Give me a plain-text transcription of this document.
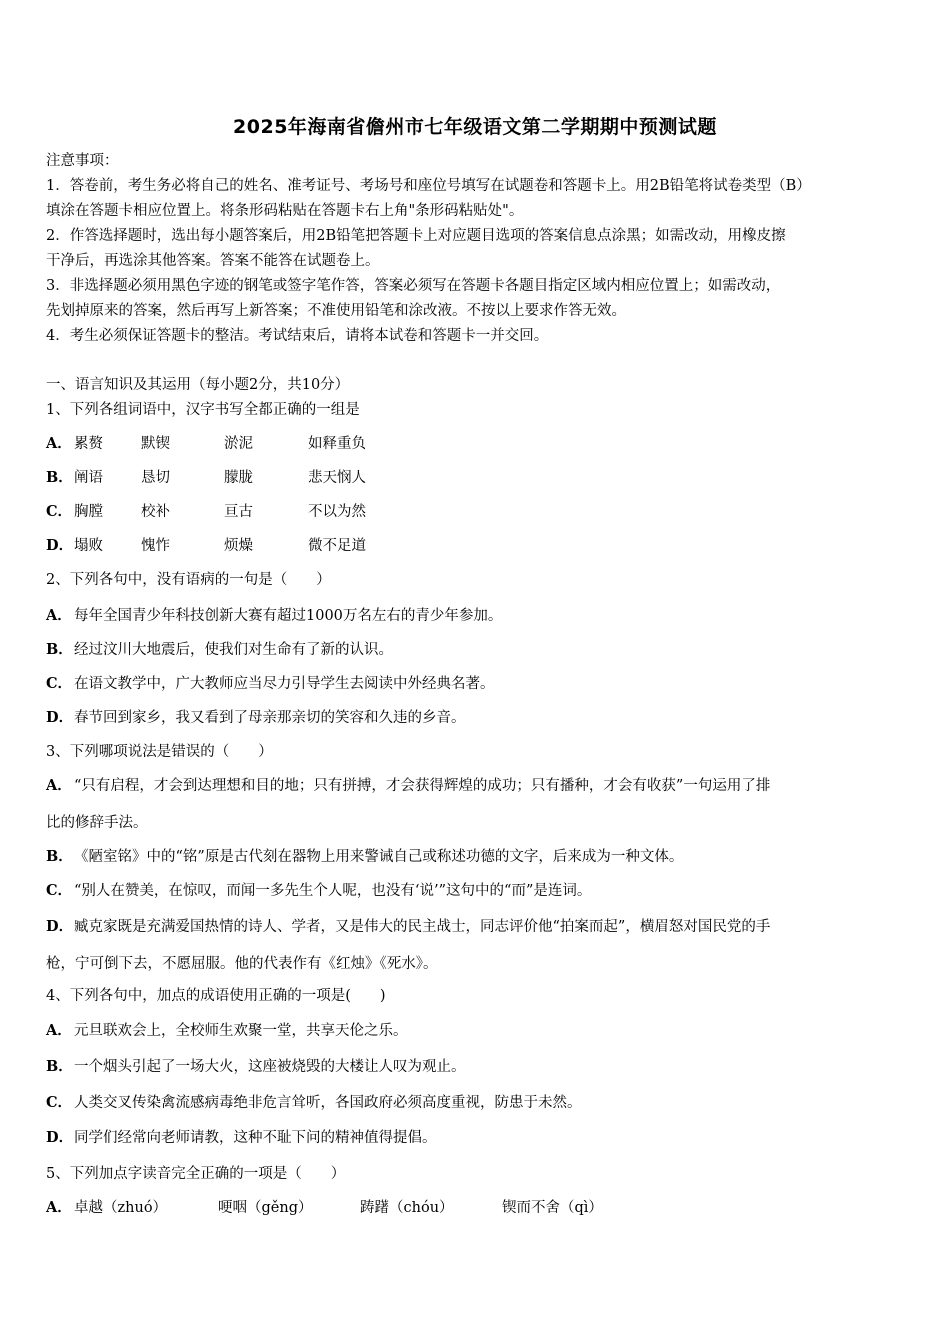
2025年海南省儋州市七年级语文第二学期期中预测试题
注意事项：
1．答卷前，考生务必将自己的姓名、准考证号、考场号和座位号填写在试题卷和答题卡上。用2B铅笔将试卷类型（B）
填涂在答题卡相应位置上。将条形码粘贴在答题卡右上角"条形码粘贴处"。
2．作答选择题时，选出每小题答案后，用2B铅笔把答题卡上对应题目选项的答案信息点涂黑；如需改动，用橡皮擦
干净后，再选涂其他答案。答案不能答在试题卷上。
3．非选择题必须用黑色字迹的钢笔或签字笔作答，答案必须写在答题卡各题目指定区域内相应位置上；如需改动，
先划掉原来的答案，然后再写上新答案；不准使用铅笔和涂改液。不按以上要求作答无效。
4．考生必须保证答题卡的整洁。考试结束后，请将本试卷和答题卡一并交回。
一、语言知识及其运用（每小题2分，共10分）
1、下列各组词语中，汉字书写全都正确的一组是
A． 累赘	默锲	淤泥	如释重负
B． 阐语	恳切	朦胧	悲天悯人
C． 胸膛	校补	亘古	不以为然
D． 塌败	愧怍	烦燥	微不足道
2、下列各句中，没有语病的一句是（　　）
A． 每年全国青少年科技创新大赛有超过1000万名左右的青少年参加。
B．经过汶川大地震后，使我们对生命有了新的认识。
C． 在语文教学中，广大教师应当尽力引导学生去阅读中外经典名著。
D．春节回到家乡，我又看到了母亲那亲切的笑容和久违的乡音。
3、下列哪项说法是错误的（　　）
A． “只有启程，才会到达理想和目的地；只有拼搏，才会获得辉煌的成功；只有播种，才会有收获”一句运用了排
比的修辞手法。
B．《陋室铭》中的“铭”原是古代刻在器物上用来警诫自己或称述功德的文字，后来成为一种文体。
C． “别人在赞美，在惊叹，而闻一多先生个人呢，也没有‘说’”这句中的“而”是连词。
D．臧克家既是充满爱国热情的诗人、学者，又是伟大的民主战士，同志评价他“拍案而起”，横眉怒对国民党的手
枪，宁可倒下去，不愿屈服。他的代表作有《红烛》《死水》。
4、下列各句中，加点的成语使用正确的一项是(　　)
A． 元旦联欢会上，全校师生欢聚一堂，共享天伦之乐。
B．一个烟头引起了一场大火，这座被烧毁的大楼让人叹为观止。
C． 人类交叉传染禽流感病毒绝非危言耸听，各国政府必须高度重视，防患于未然。
D．同学们经常向老师请教，这种不耻下问的精神值得提倡。
5、下列加点字读音完全正确的一项是（　　）
A． 卓越（zhuó）	哽咽（gěng）	踌躇（chóu）	锲而不舍（qì）
